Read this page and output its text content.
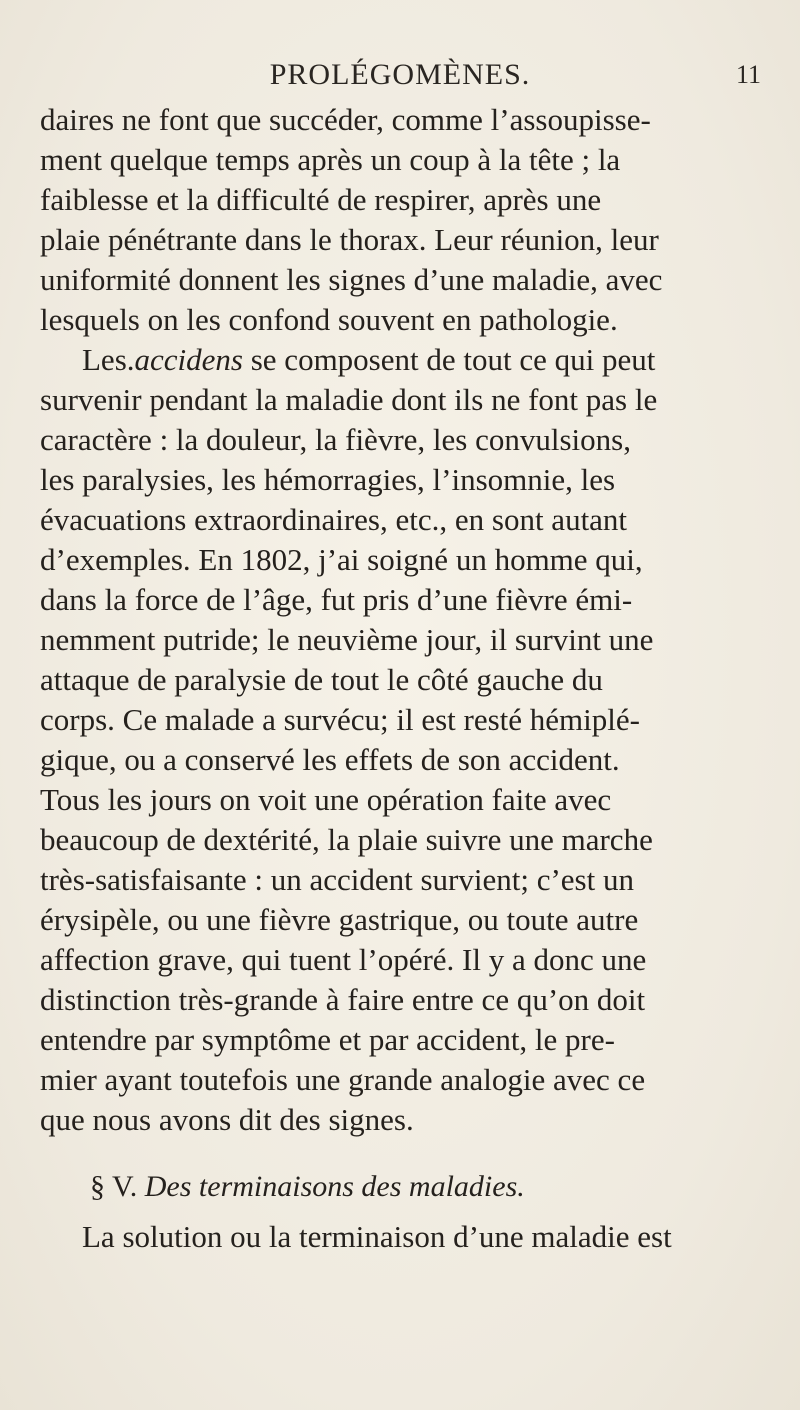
PROLÉGOMÈNES.	11
daires ne font que succéder, comme l’assoupisse-
ment quelque temps après un coup à la tête ; la
faiblesse et la difficulté de respirer, après une
plaie pénétrante dans le thorax. Leur réunion, leur
uniformité donnent les signes d’une maladie, avec
lesquels on les confond souvent en pathologie.
Les.accidens se composent de tout ce qui peut
survenir pendant la maladie dont ils ne font pas le
caractère : la douleur, la fièvre, les convulsions,
les paralysies, les hémorragies, l’insomnie, les
évacuations extraordinaires, etc., en sont autant
d’exemples. En 1802, j’ai soigné un homme qui,
dans la force de l’âge, fut pris d’une fièvre émi-
nemment putride; le neuvième jour, il survint une
attaque de paralysie de tout le côté gauche du
corps. Ce malade a survécu; il est resté hémiplé-
gique, ou a conservé les effets de son accident.
Tous les jours on voit une opération faite avec
beaucoup de dextérité, la plaie suivre une marche
très-satisfaisante : un accident survient; c’est un
érysipèle, ou une fièvre gastrique, ou toute autre
affection grave, qui tuent l’opéré. Il y a donc une
distinction très-grande à faire entre ce qu’on doit
entendre par symptôme et par accident, le pre-
mier ayant toutefois une grande analogie avec ce
que nous avons dit des signes.
§ V. Des terminaisons des maladies.
La solution ou la terminaison d’une maladie est
